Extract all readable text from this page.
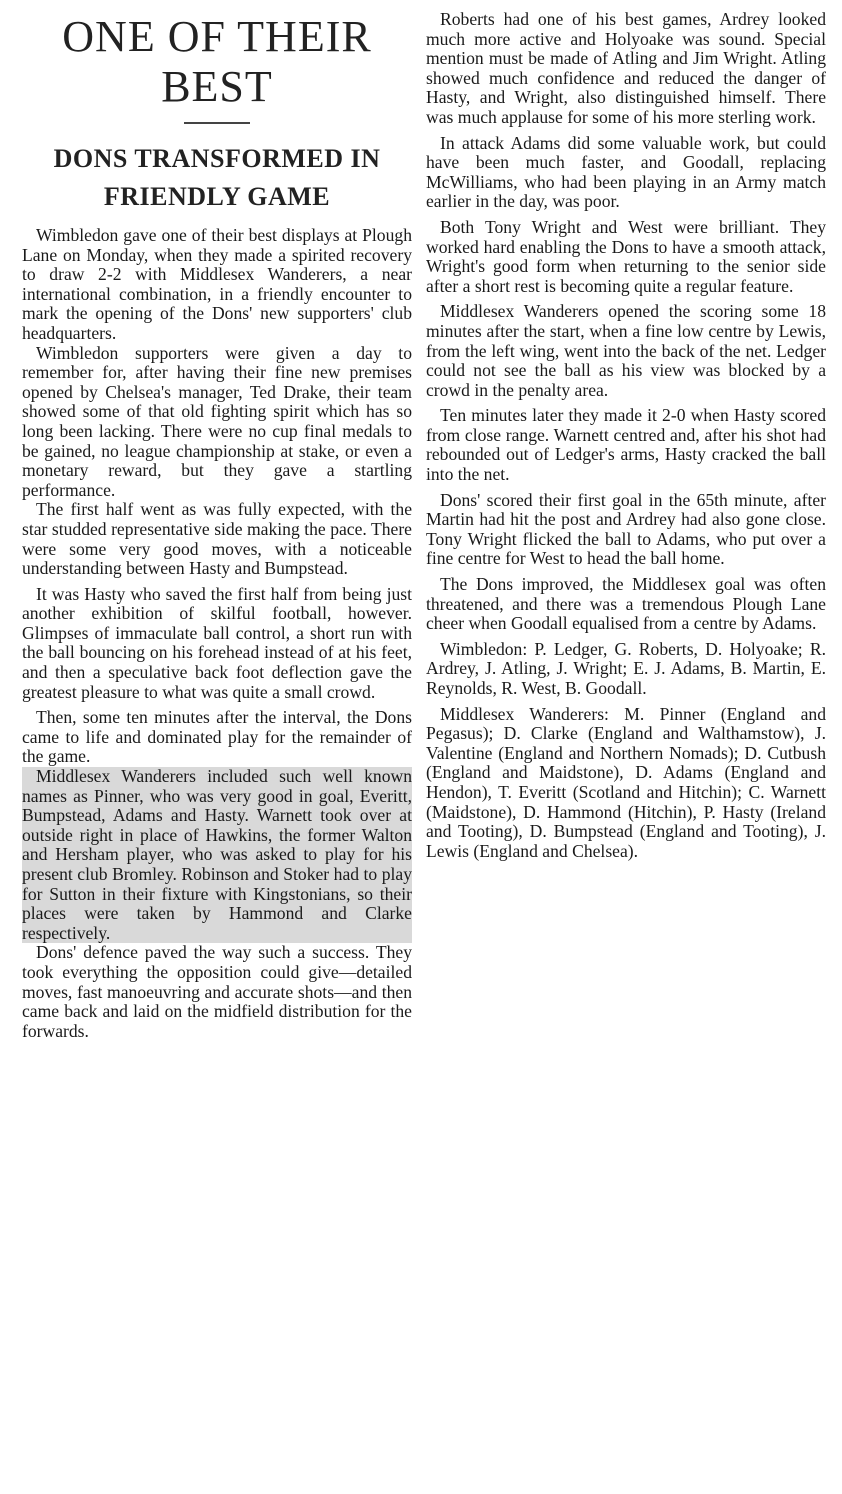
ONE OF THEIR BEST
DONS TRANSFORMED IN FRIENDLY GAME

Wimbledon gave one of their best displays at Plough Lane on Monday, when they made a spirited recovery to draw 2-2 with Middlesex Wanderers, a near international combination, in a friendly encounter to mark the opening of the Dons' new supporters' club headquarters.

Wimbledon supporters were given a day to remember for, after having their fine new premises opened by Chelsea's manager, Ted Drake, their team showed some of that old fighting spirit which has so long been lacking. There were no cup final medals to be gained, no league championship at stake, or even a monetary reward, but they gave a startling performance.

The first half went as was fully expected, with the star studded representative side making the pace. There were some very good moves, with a noticeable understanding between Hasty and Bumpstead.

It was Hasty who saved the first half from being just another exhibition of skilful football, however. Glimpses of immaculate ball control, a short run with the ball bouncing on his forehead instead of at his feet, and then a speculative back foot deflection gave the greatest pleasure to what was quite a small crowd.

Then, some ten minutes after the interval, the Dons came to life and dominated play for the remainder of the game.

Middlesex Wanderers included such well known names as Pinner, who was very good in goal, Everitt, Bumpstead, Adams and Hasty. Warnett took over at outside right in place of Hawkins, the former Walton and Hersham player, who was asked to play for his present club Bromley. Robinson and Stoker had to play for Sutton in their fixture with Kingstonians, so their places were taken by Hammond and Clarke respectively.

Dons' defence paved the way such a success. They took everything the opposition could give—detailed moves, fast manoeuvring and accurate shots—and then came back and laid on the midfield distribution for the forwards.

Roberts had one of his best games, Ardrey looked much more active and Holyoake was sound. Special mention must be made of Atling and Jim Wright. Atling showed much confidence and reduced the danger of Hasty, and Wright, also distinguished himself. There was much applause for some of his more sterling work.

In attack Adams did some valuable work, but could have been much faster, and Goodall, replacing McWilliams, who had been playing in an Army match earlier in the day, was poor.

Both Tony Wright and West were brilliant. They worked hard enabling the Dons to have a smooth attack, Wright's good form when returning to the senior side after a short rest is becoming quite a regular feature.

Middlesex Wanderers opened the scoring some 18 minutes after the start, when a fine low centre by Lewis, from the left wing, went into the back of the net. Ledger could not see the ball as his view was blocked by a crowd in the penalty area.

Ten minutes later they made it 2-0 when Hasty scored from close range. Warnett centred and, after his shot had rebounded out of Ledger's arms, Hasty cracked the ball into the net.

Dons' scored their first goal in the 65th minute, after Martin had hit the post and Ardrey had also gone close. Tony Wright flicked the ball to Adams, who put over a fine centre for West to head the ball home.

The Dons improved, the Middlesex goal was often threatened, and there was a tremendous Plough Lane cheer when Goodall equalised from a centre by Adams.

Wimbledon: P. Ledger, G. Roberts, D. Holyoake; R. Ardrey, J. Atling, J. Wright; E. J. Adams, B. Martin, E. Reynolds, R. West, B. Goodall.

Middlesex Wanderers: M. Pinner (England and Pegasus); D. Clarke (England and Walthamstow), J. Valentine (England and Northern Nomads); D. Cutbush (England and Maidstone), D. Adams (England and Hendon), T. Everitt (Scotland and Hitchin); C. Warnett (Maidstone), D. Hammond (Hitchin), P. Hasty (Ireland and Tooting), D. Bumpstead (England and Tooting), J. Lewis (England and Chelsea).
